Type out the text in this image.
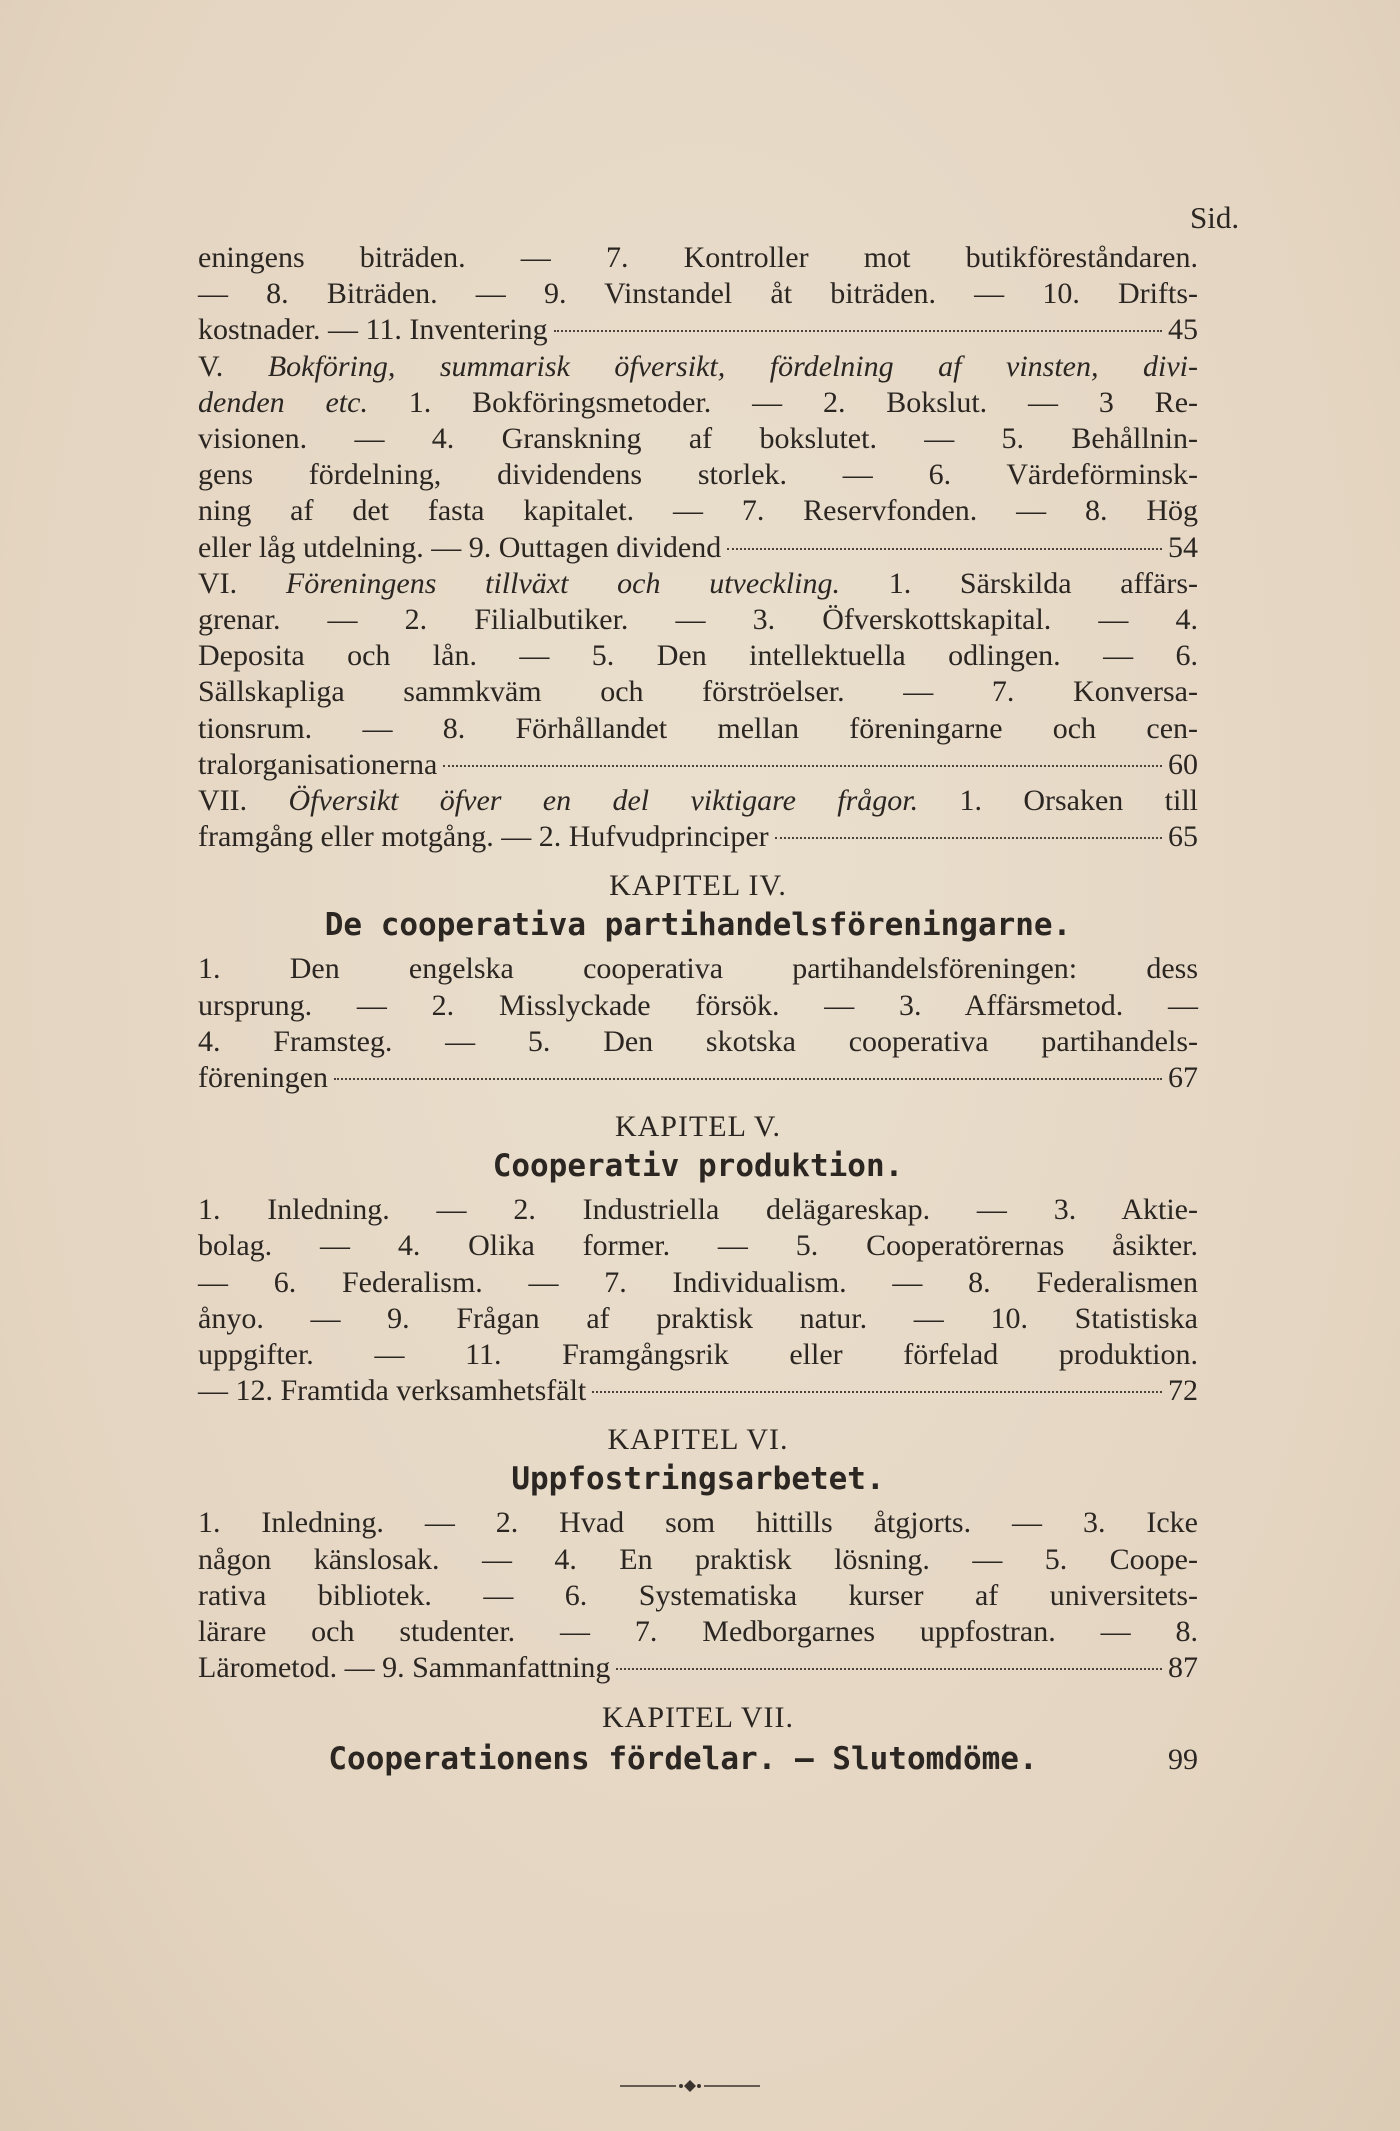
Sid.
eningens biträden. — 7. Kontroller mot butikföreståndaren.
— 8. Biträden. — 9. Vinstandel åt biträden. — 10. Drifts-
kostnader. — 11. Inventering	45
V. Bokföring, summarisk öfversikt, fördelning af vinsten, divi-
denden etc. 1. Bokföringsmetoder. — 2. Bokslut. — 3 Re-
visionen. — 4. Granskning af bokslutet. — 5. Behållnin-
gens fördelning, dividendens storlek. — 6. Värdeförminsk-
ning af det fasta kapitalet. — 7. Reservfonden. — 8. Hög
eller låg utdelning. — 9. Outtagen dividend	54
VI. Föreningens tillväxt och utveckling. 1. Särskilda affärs-
grenar. — 2. Filialbutiker. — 3. Öfverskottskapital. — 4.
Deposita och lån. — 5. Den intellektuella odlingen. — 6.
Sällskapliga sammkväm och förströelser. — 7. Konversa-
tionsrum. — 8. Förhållandet mellan föreningarne och cen-
tralorganisationerna	60
VII. Öfversikt öfver en del viktigare frågor. 1. Orsaken till
framgång eller motgång. — 2. Hufvudprinciper	65
KAPITEL IV.
De cooperativa partihandelsföreningarne.
1. Den engelska cooperativa partihandelsföreningen: dess
ursprung. — 2. Misslyckade försök. — 3. Affärsmetod. —
4. Framsteg. — 5. Den skotska cooperativa partihandels-
föreningen	67
KAPITEL V.
Cooperativ produktion.
1. Inledning. — 2. Industriella delägareskap. — 3. Aktie-
bolag. — 4. Olika former. — 5. Cooperatörernas åsikter.
— 6. Federalism. — 7. Individualism. — 8. Federalismen
ånyo. — 9. Frågan af praktisk natur. — 10. Statistiska
uppgifter. — 11. Framgångsrik eller förfelad produktion.
— 12. Framtida verksamhetsfält	72
KAPITEL VI.
Uppfostringsarbetet.
1. Inledning. — 2. Hvad som hittills åtgjorts. — 3. Icke
någon känslosak. — 4. En praktisk lösning. — 5. Coope-
rativa bibliotek. — 6. Systematiska kurser af universitets-
lärare och studenter. — 7. Medborgarnes uppfostran. — 8.
Lärometod. — 9. Sammanfattning	87
KAPITEL VII.
Cooperationens fördelar. — Slutomdöme.	99
